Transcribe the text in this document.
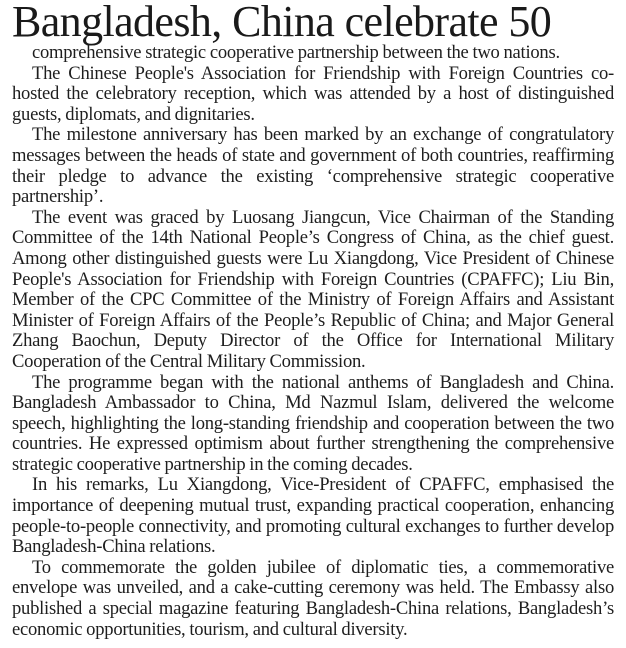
Bangladesh, China celebrate 50

comprehensive strategic cooperative partnership between the two nations.

The Chinese People's Association for Friendship with Foreign Countries co-hosted the celebratory reception, which was attended by a host of distinguished guests, diplomats, and dignitaries.

The milestone anniversary has been marked by an exchange of congratulatory messages between the heads of state and government of both countries, reaffirming their pledge to advance the existing ‘comprehensive strategic cooperative partnership’.

The event was graced by Luosang Jiangcun, Vice Chairman of the Standing Committee of the 14th National People’s Congress of China, as the chief guest. Among other distinguished guests were Lu Xiangdong, Vice President of Chinese People's Association for Friendship with Foreign Countries (CPAFFC); Liu Bin, Member of the CPC Committee of the Ministry of Foreign Affairs and Assistant Minister of Foreign Affairs of the People’s Republic of China; and Major General Zhang Baochun, Deputy Director of the Office for International Military Cooperation of the Central Military Commission.

The programme began with the national anthems of Bangladesh and China. Bangladesh Ambassador to China, Md Nazmul Islam, delivered the welcome speech, highlighting the long-standing friendship and cooperation between the two countries. He expressed optimism about further strengthening the comprehensive strategic cooperative partnership in the coming decades.

In his remarks, Lu Xiangdong, Vice-President of CPAFFC, emphasised the importance of deepening mutual trust, expanding practical cooperation, enhancing people-to-people connectivity, and promoting cultural exchanges to further develop Bangladesh-China relations.

To commemorate the golden jubilee of diplomatic ties, a commemorative envelope was unveiled, and a cake-cutting ceremony was held. The Embassy also published a special magazine featuring Bangladesh-China relations, Bangladesh’s economic opportunities, tourism, and cultural diversity.
